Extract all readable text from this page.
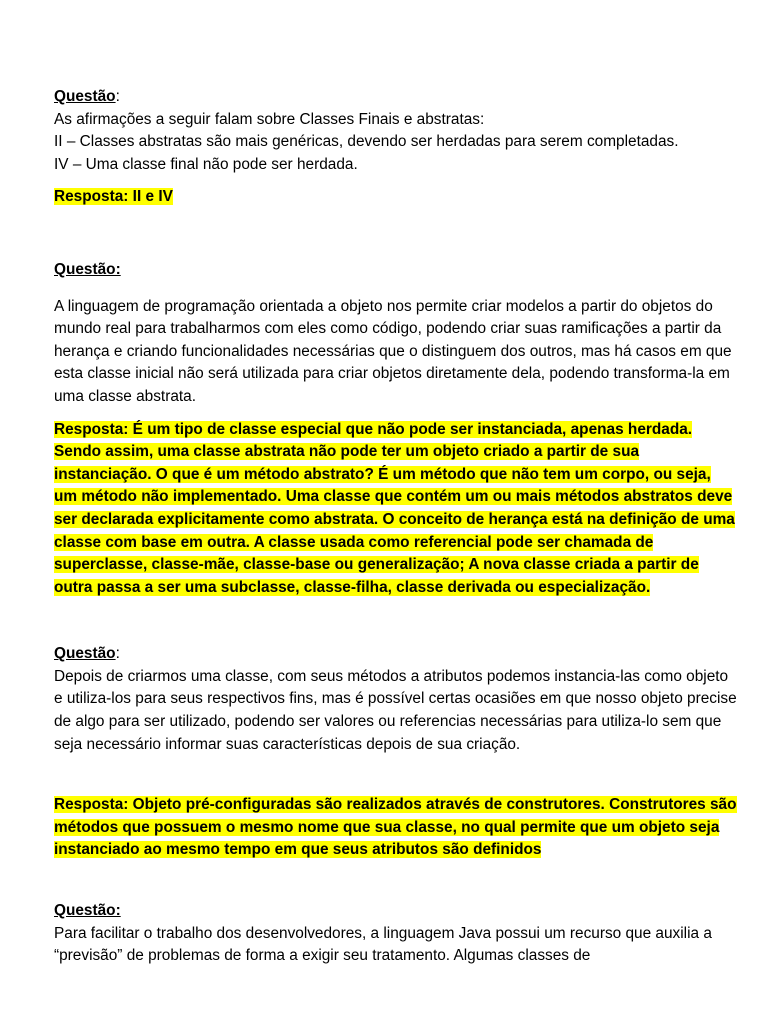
Questão:

As afirmações a seguir falam sobre Classes Finais e abstratas:

II – Classes abstratas são mais genéricas, devendo ser herdadas para serem completadas.

IV – Uma classe final não pode ser herdada.

Resposta: II e IV

Questão:

A linguagem de programação orientada a objeto nos permite criar modelos a partir do objetos do mundo real para trabalharmos com eles como código, podendo criar suas ramificações a partir da herança e criando funcionalidades necessárias que o distinguem dos outros, mas há casos em que esta classe inicial não será utilizada para criar objetos diretamente dela, podendo transforma-la em uma classe abstrata.

Resposta: É um tipo de classe especial que não pode ser instanciada, apenas herdada. Sendo assim, uma classe abstrata não pode ter um objeto criado a partir de sua instanciação. O que é um método abstrato? É um método que não tem um corpo, ou seja, um método não implementado. Uma classe que contém um ou mais métodos abstratos deve ser declarada explicitamente como abstrata. O conceito de herança está na definição de uma classe com base em outra. A classe usada como referencial pode ser chamada de superclasse, classe-mãe, classe-base ou generalização; A nova classe criada a partir de outra passa a ser uma subclasse, classe-filha, classe derivada ou especialização.

Questão:

Depois de criarmos uma classe, com seus métodos a atributos podemos instancia-las como objeto e utiliza-los para seus respectivos fins, mas é possível certas ocasiões em que nosso objeto precise de algo para ser utilizado, podendo ser valores ou referencias necessárias para utiliza-lo sem que seja necessário informar suas características depois de sua criação.

Resposta: Objeto pré-configuradas são realizados através de construtores. Construtores são métodos que possuem o mesmo nome que sua classe, no qual permite que um objeto seja instanciado ao mesmo tempo em que seus atributos são definidos

Questão:

Para facilitar o trabalho dos desenvolvedores, a linguagem Java possui um recurso que auxilia a “previsão” de problemas de forma a exigir seu tratamento. Algumas classes de
